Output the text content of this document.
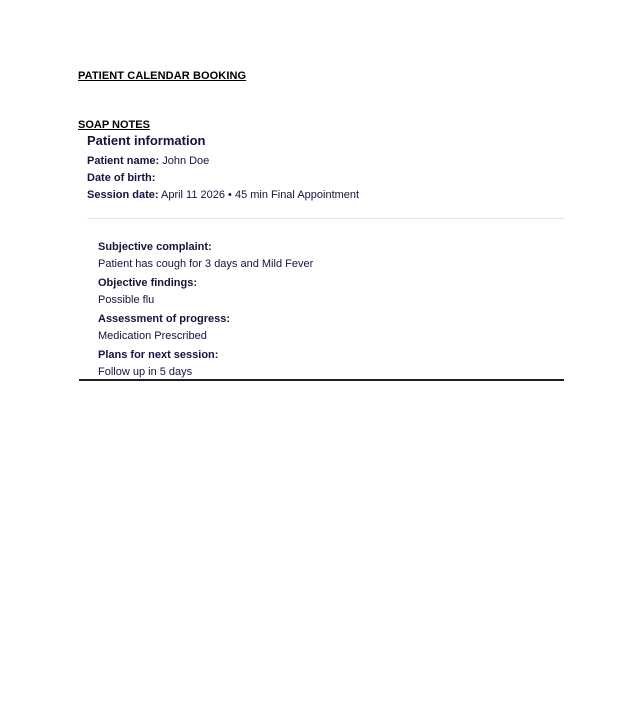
PATIENT CALENDAR BOOKING
SOAP NOTES
Patient information
Patient name: John Doe
Date of birth:
Session date: April 11 2026 • 45 min Final Appointment
Subjective complaint:
Patient has cough for 3 days and Mild Fever
Objective findings:
Possible flu
Assessment of progress:
Medication Prescribed
Plans for next session:
Follow up in 5 days
